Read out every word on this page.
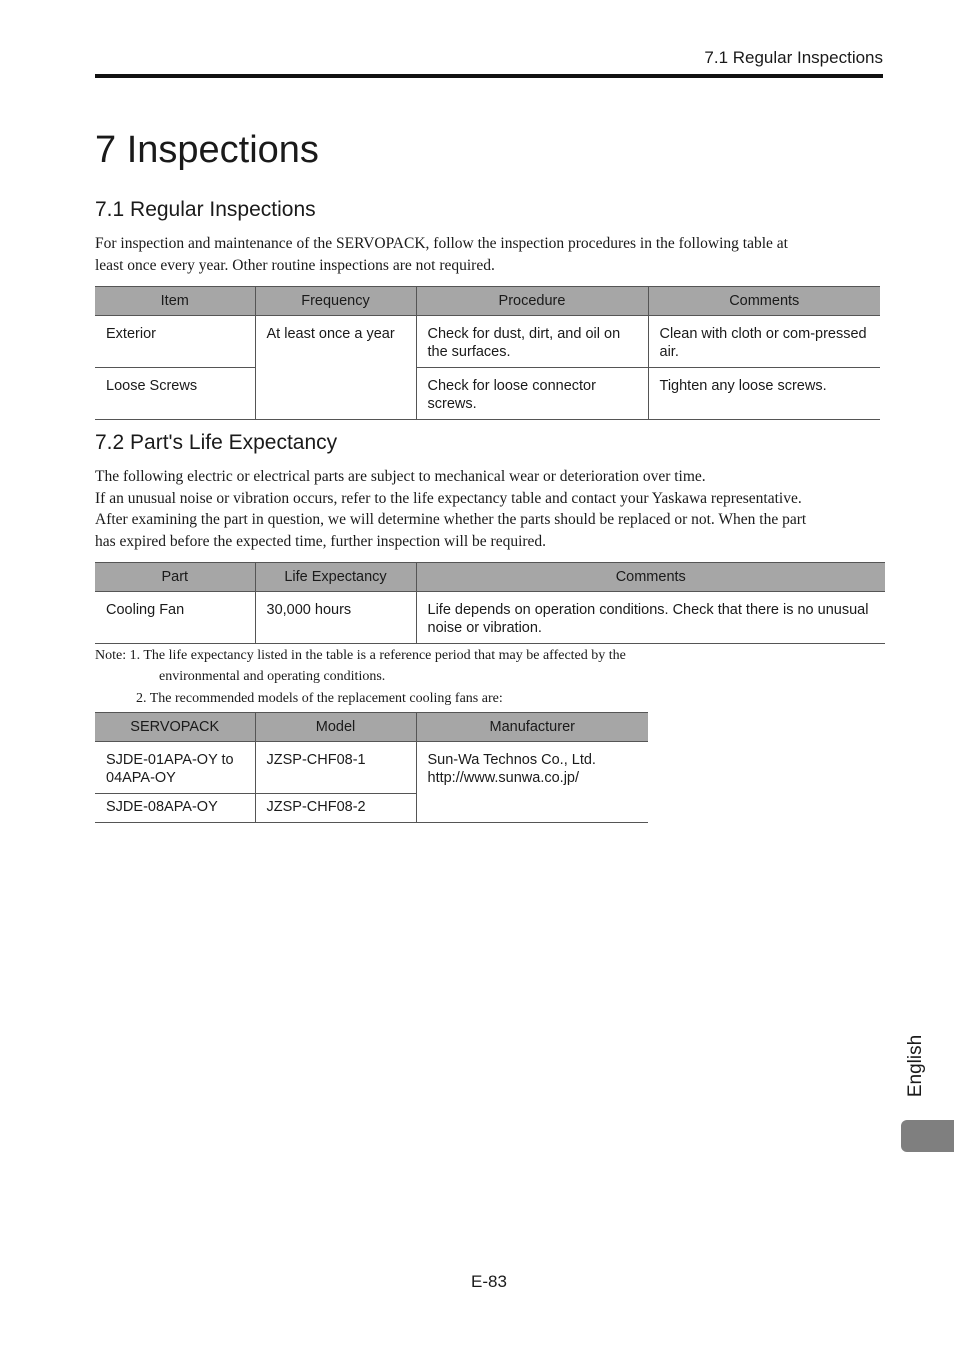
7.1 Regular Inspections
7 Inspections
7.1 Regular Inspections

For inspection and maintenance of the SERVOPACK, follow the inspection procedures in the following table at
least once every year. Other routine inspections are not required.

Item	Frequency	Procedure	Comments
Exterior	At least once a year	Check for dust, dirt, and oil on the surfaces.	Clean with cloth or com-pressed air.
Loose Screws		Check for loose connector screws.	Tighten any loose screws.
7.2 Part's Life Expectancy

The following electric or electrical parts are subject to mechanical wear or deterioration over time.
If an unusual noise or vibration occurs, refer to the life expectancy table and contact your Yaskawa representative.
After examining the part in question, we will determine whether the parts should be replaced or not. When the part
has expired before the expected time, further inspection will be required.

Part	Life Expectancy	Comments
Cooling Fan	30,000 hours	Life depends on operation conditions. Check that there is no unusual noise or vibration.

Note: 1. The life expectancy listed in the table is a reference period that may be affected by the

environmental and operating conditions.

2. The recommended models of the replacement cooling fans are:

SERVOPACK	Model	Manufacturer
SJDE-01APA-OY to 04APA-OY	JZSP-CHF08-1	Sun-Wa Technos Co., Ltd.
http://www.sunwa.co.jp/

SJDE-08APA-OY	JZSP-CHF08-2	
English
E-83
